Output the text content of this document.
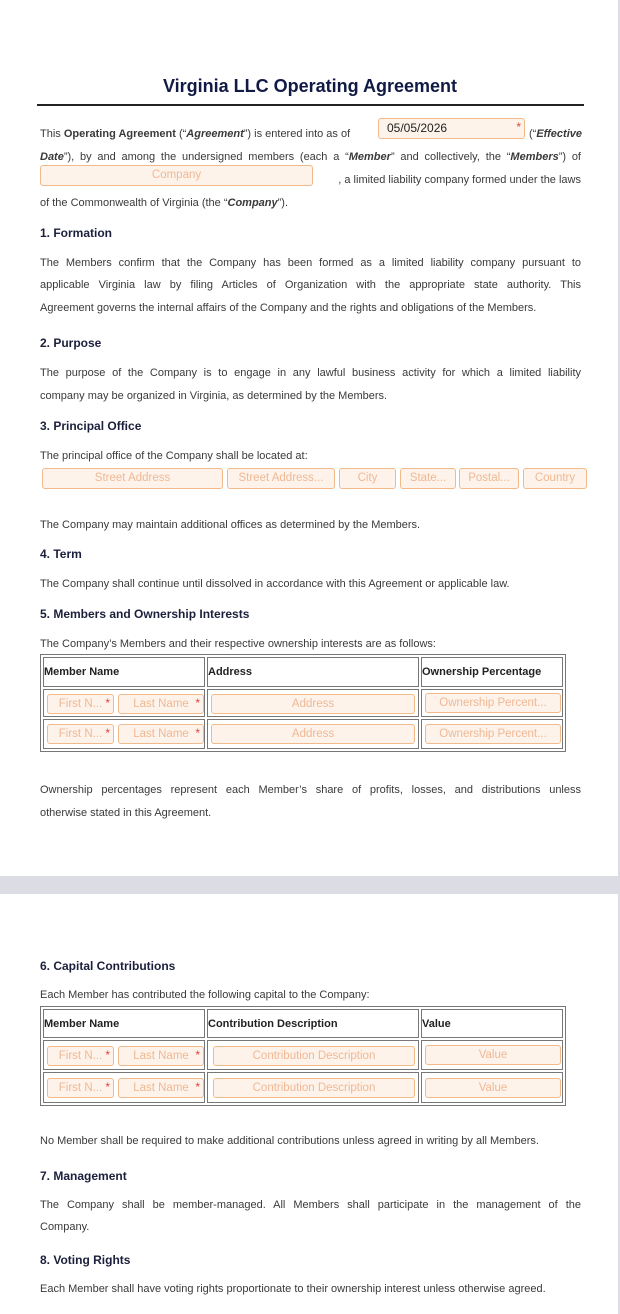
Virginia LLC Operating Agreement
This Operating Agreement (“Agreement”) is entered into as of	05/05/2026	* (“Effective
Date”), by and among the undersigned members (each a “Member” and collectively, the “Members”) of
Company	, a limited liability company formed under the laws
of the Commonwealth of Virginia (the “Company”).
1. Formation
The Members confirm that the Company has been formed as a limited liability company pursuant to
applicable Virginia law by filing Articles of Organization with the appropriate state authority. This
Agreement governs the internal affairs of the Company and the rights and obligations of the Members.
2. Purpose
The purpose of the Company is to engage in any lawful business activity for which a limited liability
company may be organized in Virginia, as determined by the Members.
3. Principal Office
The principal office of the Company shall be located at:
Street Address	Street Address...	City	State...	Postal...	Country
The Company may maintain additional offices as determined by the Members.
4. Term
The Company shall continue until dissolved in accordance with this Agreement or applicable law.
5. Members and Ownership Interests
The Company’s Members and their respective ownership interests are as follows:
Member Name	Address	Ownership Percentage

First N... * Last Name *	Address	Ownership Percent...

First N... * Last Name *	Address	Ownership Percent...
Ownership percentages represent each Member’s share of profits, losses, and distributions unless
otherwise stated in this Agreement.
6. Capital Contributions
Each Member has contributed the following capital to the Company:
Member Name	Contribution Description	Value

First N... * Last Name *	Contribution Description	Value

First N... * Last Name *	Contribution Description	Value
No Member shall be required to make additional contributions unless agreed in writing by all Members.
7. Management
The Company shall be member-managed. All Members shall participate in the management of the
Company.
8. Voting Rights
Each Member shall have voting rights proportionate to their ownership interest unless otherwise agreed.
